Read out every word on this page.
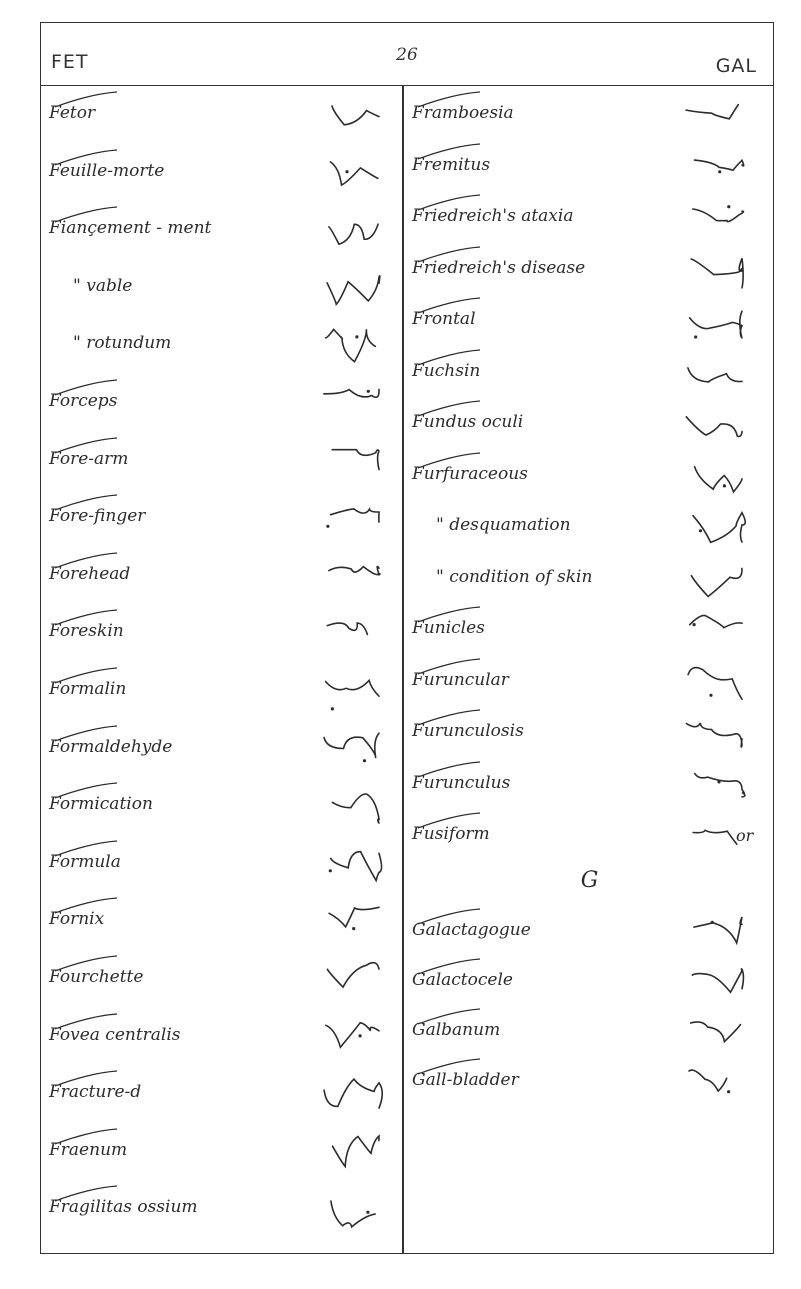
FET	26	GAL
Fetor
Feuille-morte
Fiançement - ment
" vable
" rotundum
Forceps
Fore-arm
Fore-finger
Forehead
Foreskin
Formalin
Formaldehyde
Formication
Formula
Fornix
Fourchette
Fovea centralis
Fracture-d
Fraenum
Fragilitas ossium
G
Framboesia
Fremitus
Friedreich's ataxia
Friedreich's disease
Frontal
Fuchsin
Fundus oculi
Furfuraceous
" desquamation
" condition of skin
Funicles
Furuncular
Furunculosis
Furunculus
Fusiform	or
Galactagogue
Galactocele
Galbanum
Gall-bladder
